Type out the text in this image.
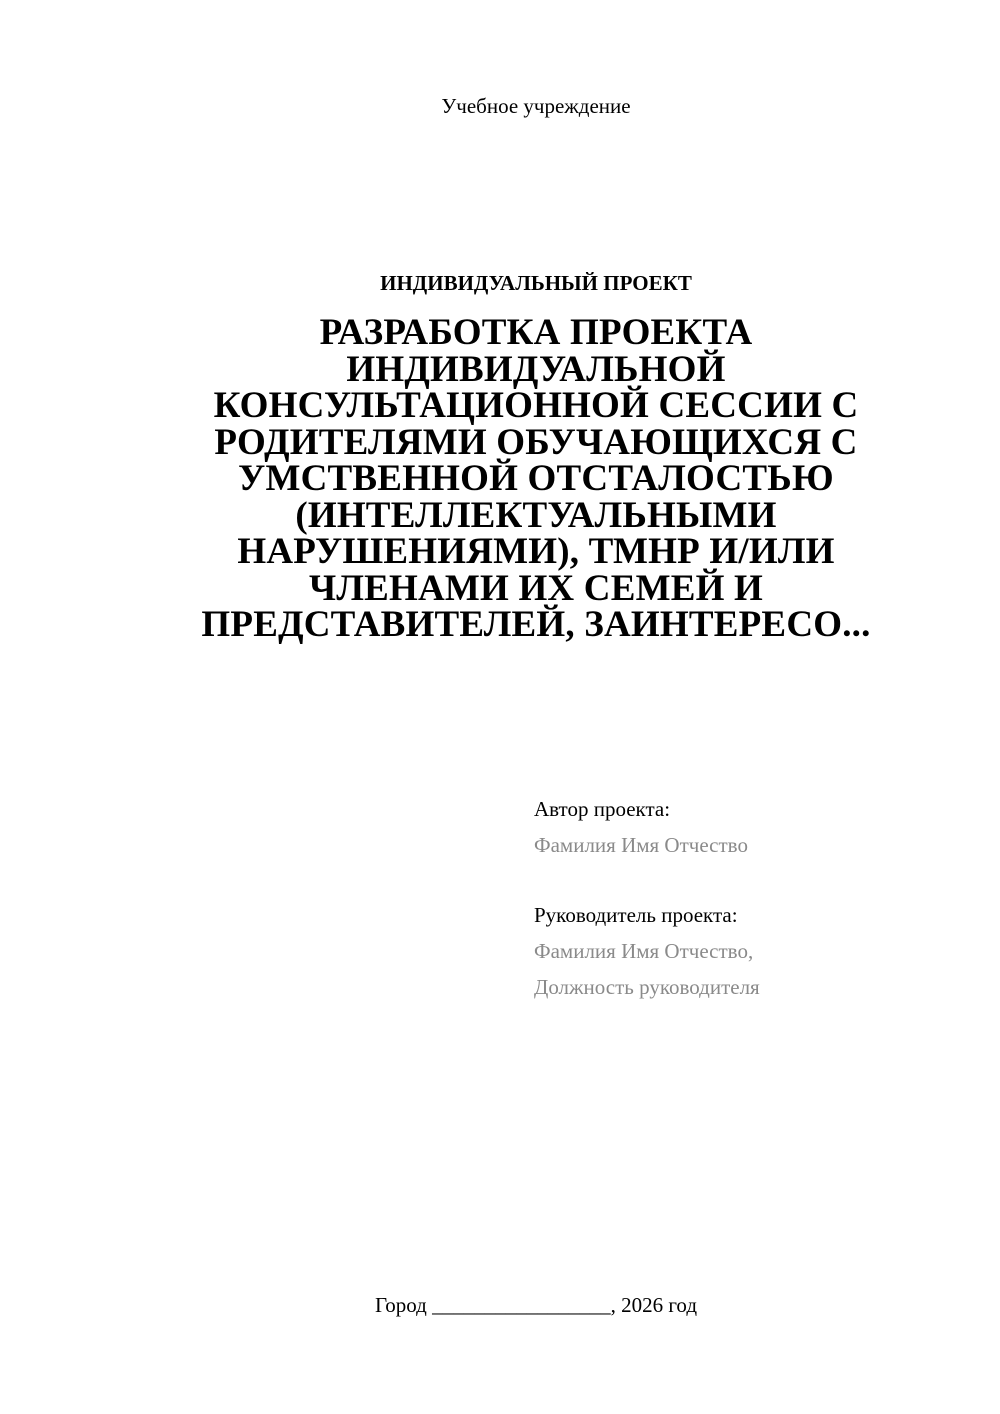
Учебное учреждение
ИНДИВИДУАЛЬНЫЙ ПРОЕКТ
РАЗРАБОТКА ПРОЕКТА
ИНДИВИДУАЛЬНОЙ
КОНСУЛЬТАЦИОННОЙ СЕССИИ С
РОДИТЕЛЯМИ ОБУЧАЮЩИХСЯ С
УМСТВЕННОЙ ОТСТАЛОСТЬЮ
(ИНТЕЛЛЕКТУАЛЬНЫМИ
НАРУШЕНИЯМИ), ТМНР И/ИЛИ
ЧЛЕНАМИ ИХ СЕМЕЙ И
ПРЕДСТАВИТЕЛЕЙ, ЗАИНТЕРЕСО...
Автор проекта:
Фамилия Имя Отчество
Руководитель проекта:
Фамилия Имя Отчество,
Должность руководителя
Город _________________, 2026 год
